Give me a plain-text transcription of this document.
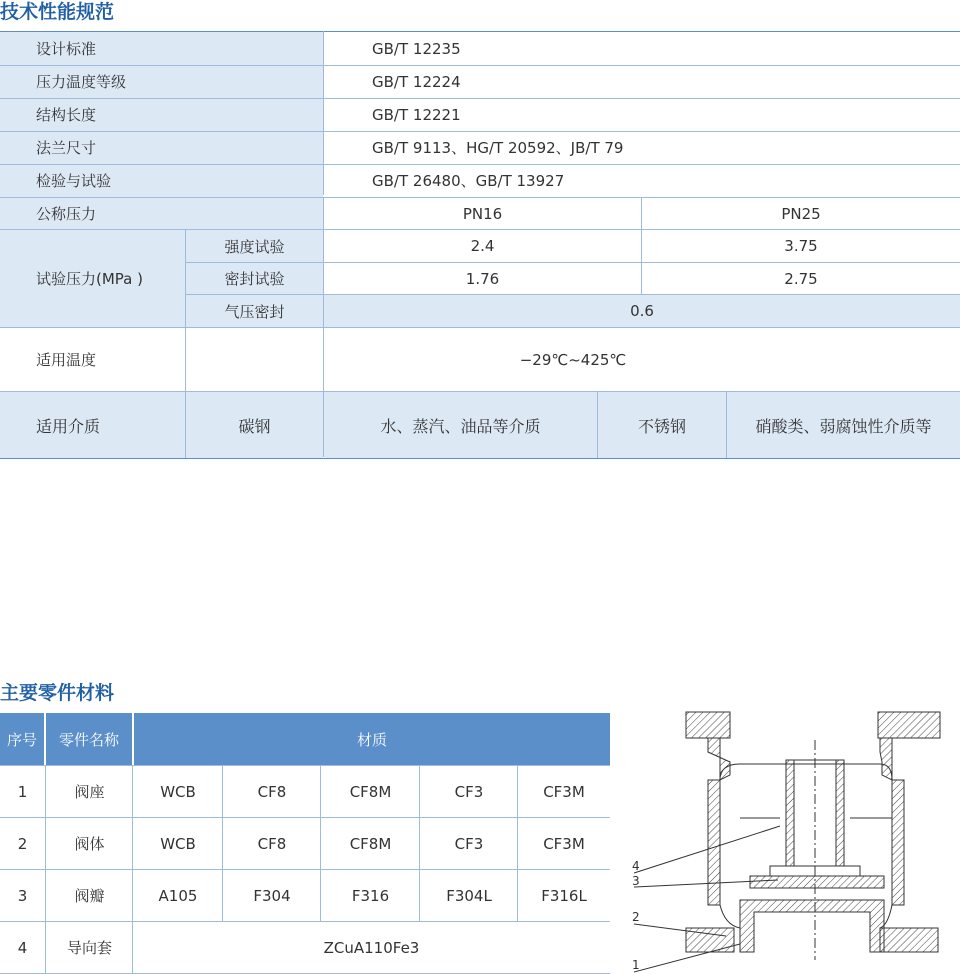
技术性能规范
设计标准	GB/T 12235
压力温度等级	GB/T 12224
结构长度	GB/T 12221
法兰尺寸	GB/T 9113、HG/T 20592、JB/T 79
检验与试验	GB/T 26480、GB/T 13927
公称压力	PN16	PN25
试验压力(MPa )
强度试验	2.4	3.75
密封试验	1.76	2.75
气压密封	0.6
适用温度	−29℃~425℃
适用介质	碳钢	水、蒸汽、油品等介质	不锈钢	硝酸类、弱腐蚀性介质等
主要零件材料
序号	零件名称	材质
1	阀座	WCB	CF8	CF8M	CF3	CF3M
2	阀体	WCB	CF8	CF8M	CF3	CF3M
3	阀瓣	A105	F304	F316	F304L	F316L
4	导向套	ZCuA110Fe3
4
3
2
1
